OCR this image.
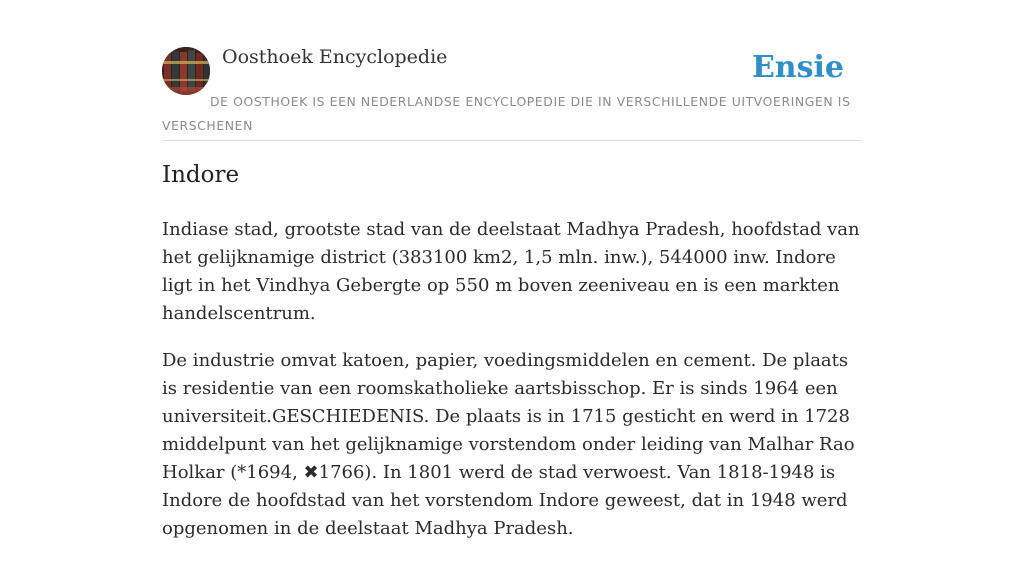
Oosthoek Encyclopedie	Ensie
DE OOSTHOEK IS EEN NEDERLANDSE ENCYCLOPEDIE DIE IN VERSCHILLENDE UITVOERINGEN IS VERSCHENEN
Indore

Indiase stad, grootste stad van de deelstaat Madhya Pradesh, hoofdstad van het gelijknamige district (383100 km2, 1,5 mln. inw.), 544000 inw. Indore ligt in het Vindhya Gebergte op 550 m boven zeeniveau en is een markten handelscentrum.

De industrie omvat katoen, papier, voedingsmiddelen en cement. De plaats is residentie van een roomskatholieke aartsbisschop. Er is sinds 1964 een universiteit.GESCHIEDENIS. De plaats is in 1715 gesticht en werd in 1728 middelpunt van het gelijknamige vorstendom onder leiding van Malhar Rao Holkar (*1694, ✖1766). In 1801 werd de stad verwoest. Van 1818-1948 is Indore de hoofdstad van het vorstendom Indore geweest, dat in 1948 werd opgenomen in de deelstaat Madhya Pradesh.
